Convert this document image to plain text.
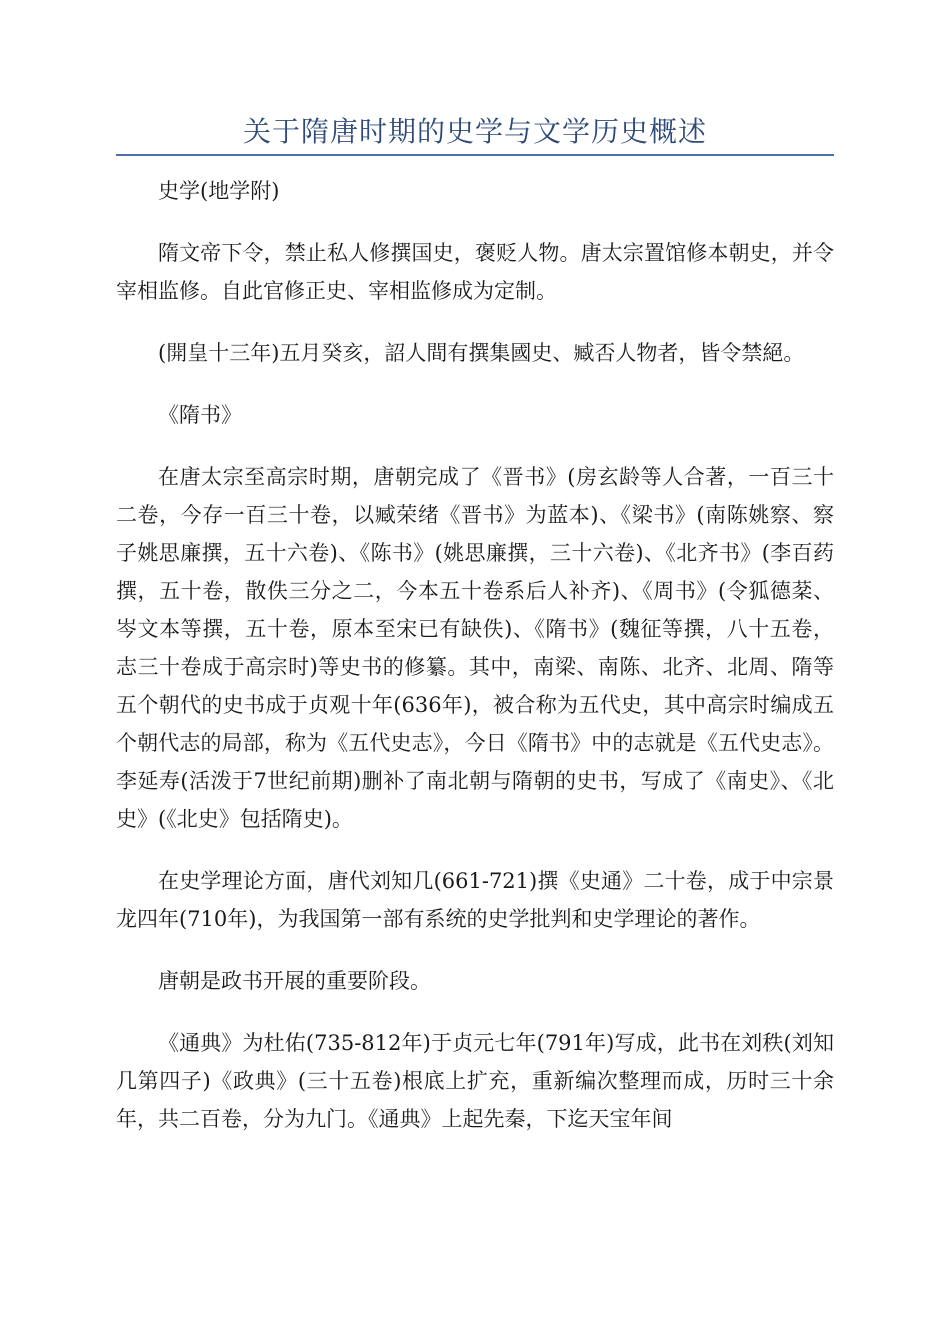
关于隋唐时期的史学与文学历史概述

史学(地学附)

隋文帝下令，禁止私人修撰国史，褒贬人物。唐太宗置馆修本朝史，并令宰相监修。自此官修正史、宰相监修成为定制。

(開皇十三年)五月癸亥，詔人間有撰集國史、臧否人物者，皆令禁絕。

《隋书》

在唐太宗至高宗时期，唐朝完成了《晋书》(房玄龄等人合著，一百三十二卷，今存一百三十卷，以臧荣绪《晋书》为蓝本)、《梁书》(南陈姚察、察子姚思廉撰，五十六卷)、《陈书》(姚思廉撰，三十六卷)、《北齐书》(李百药撰，五十卷，散佚三分之二，今本五十卷系后人补齐)、《周书》(令狐德棻、岑文本等撰，五十卷，原本至宋已有缺佚)、《隋书》(魏征等撰，八十五卷，志三十卷成于高宗时)等史书的修纂。其中，南梁、南陈、北齐、北周、隋等五个朝代的史书成于贞观十年(636年)，被合称为五代史，其中高宗时编成五个朝代志的局部，称为《五代史志》，今日《隋书》中的志就是《五代史志》。李延寿(活泼于7世纪前期)删补了南北朝与隋朝的史书，写成了《南史》、《北史》(《北史》包括隋史)。

在史学理论方面，唐代刘知几(661-721)撰《史通》二十卷，成于中宗景龙四年(710年)，为我国第一部有系统的史学批判和史学理论的著作。

唐朝是政书开展的重要阶段。

《通典》为杜佑(735-812年)于贞元七年(791年)写成，此书在刘秩(刘知几第四子)《政典》(三十五卷)根底上扩充，重新编次整理而成，历时三十余年，共二百卷，分为九门。《通典》上起先秦，下迄天宝年间
